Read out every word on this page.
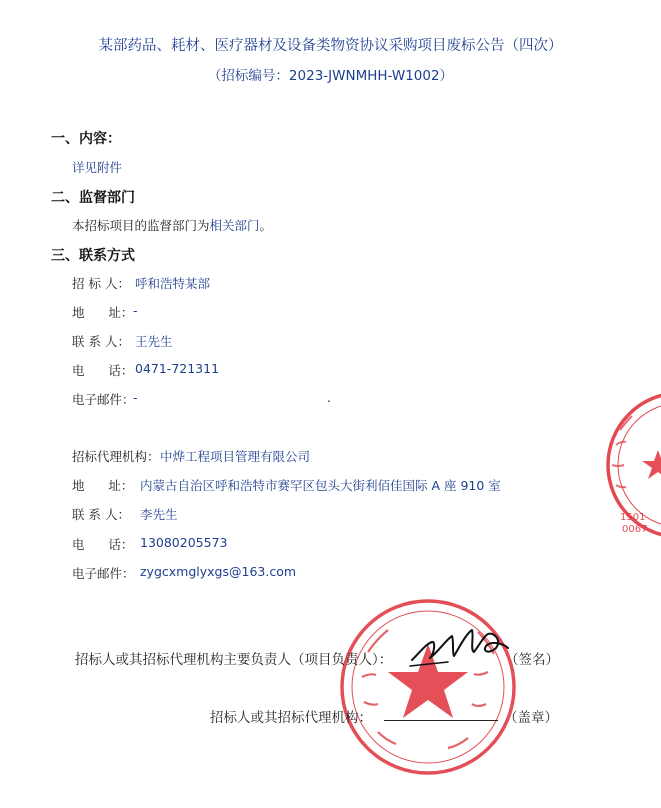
某部药品、耗材、医疗器材及设备类物资协议采购项目废标公告（四次）
（招标编号：2023-JWNMHH-W1002）
一、内容：
详见附件
二、监督部门
本招标项目的监督部门为相关部门。
三、联系方式
招 标 人： 呼和浩特某部
地      址： -
联 系 人： 王先生
电      话： 0471-721311
电子邮件：
-	.
招标代理机构： 中烨工程项目管理有限公司
地      址： 内蒙古自治区呼和浩特市赛罕区包头大街利佰佳国际 A 座 910 室
联 系 人： 李先生
电      话： 13080205573
电子邮件： zygcxmglyxgs@163.com
1501
0067
招标人或其招标代理机构主要负责人（项目负责人）：	（签名）
招标人或其招标代理机构：	（盖章）
